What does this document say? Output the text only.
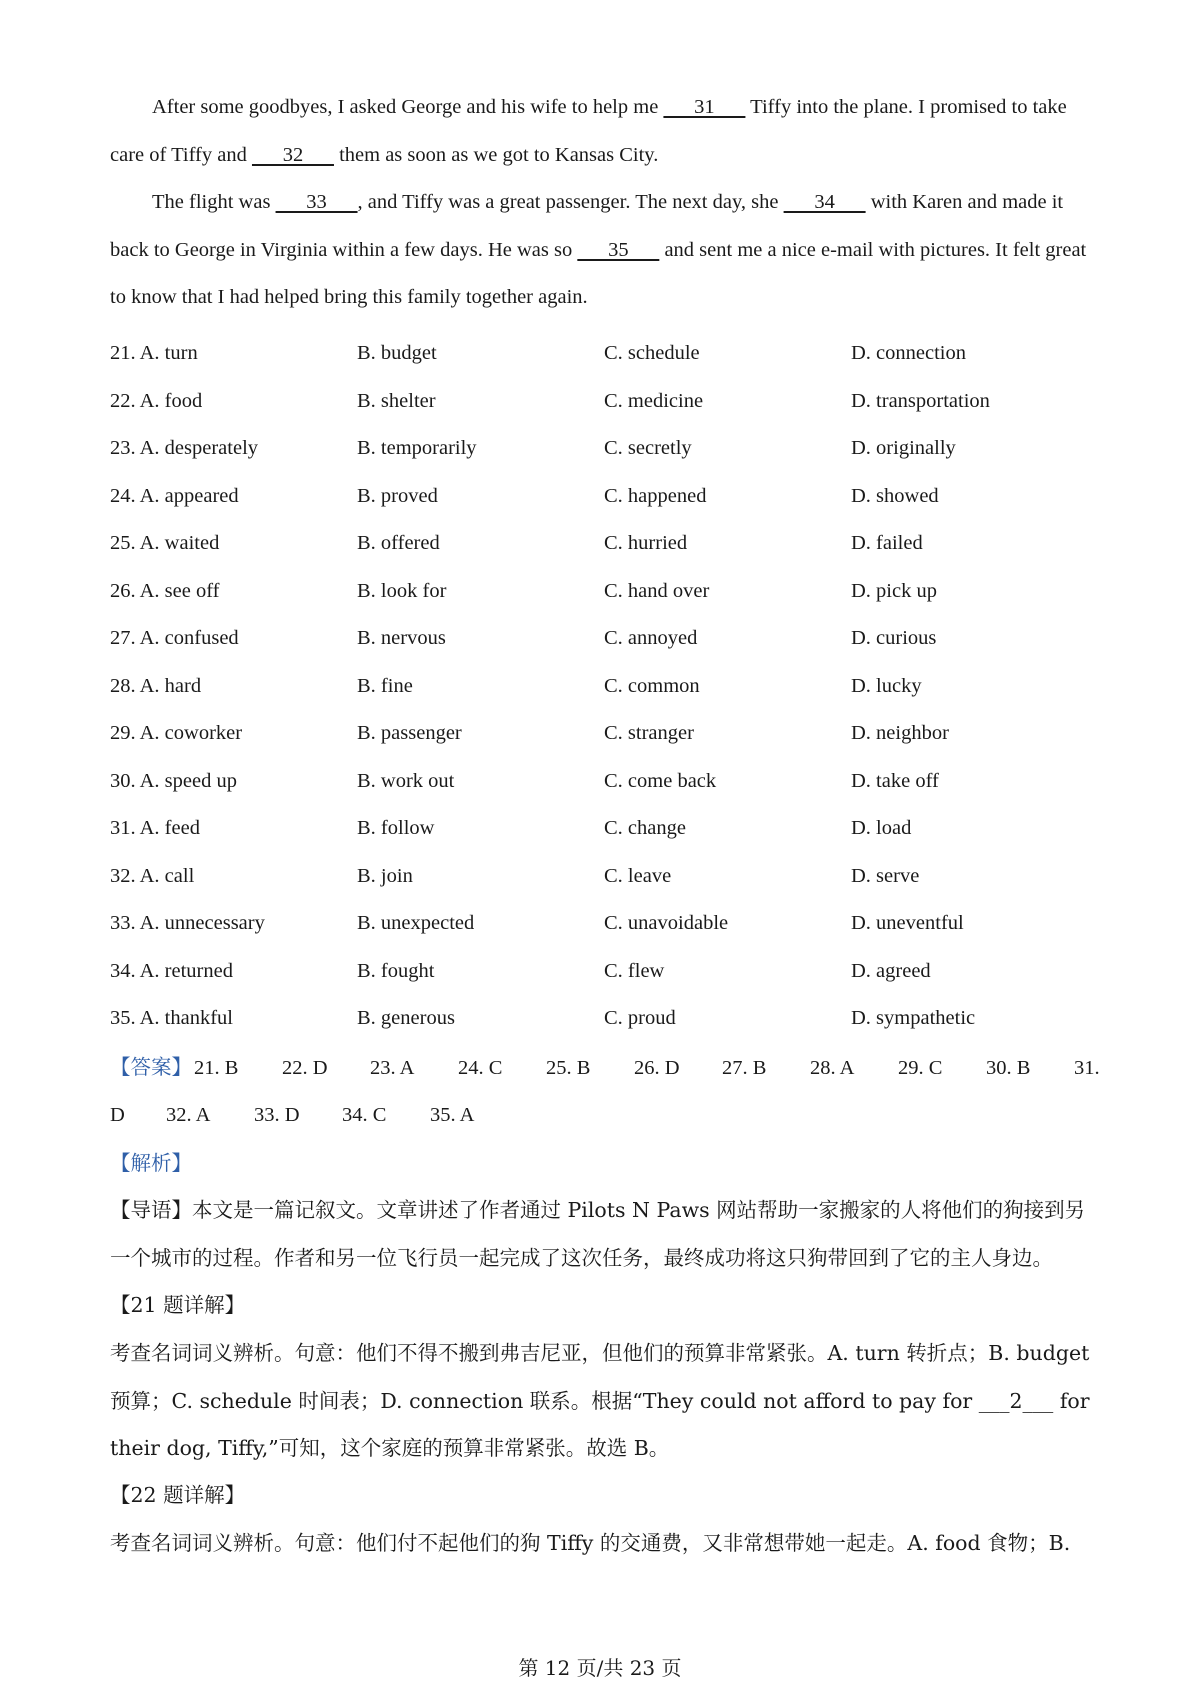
After some goodbyes, I asked George and his wife to help me       31       Tiffy into the plane. I promised to take care of Tiffy and       32       them as soon as we got to Kansas City.

The flight was       33      , and Tiffy was a great passenger. The next day, she       34       with Karen and made it back to George in Virginia within a few days. He was so       35       and sent me a nice e-mail with pictures. It felt great to know that I had helped bring this family together again.

21. A. turn	B. budget	C. schedule	D. connection
22. A. food	B. shelter	C. medicine	D. transportation
23. A. desperately	B. temporarily	C. secretly	D. originally
24. A. appeared	B. proved	C. happened	D. showed
25. A. waited	B. offered	C. hurried	D. failed
26. A. see off	B. look for	C. hand over	D. pick up
27. A. confused	B. nervous	C. annoyed	D. curious
28. A. hard	B. fine	C. common	D. lucky
29. A. coworker	B. passenger	C. stranger	D. neighbor
30. A. speed up	B. work out	C. come back	D. take off
31. A. feed	B. follow	C. change	D. load
32. A. call	B. join	C. leave	D. serve
33. A. unnecessary	B. unexpected	C. unavoidable	D. uneventful
34. A. returned	B. fought	C. flew	D. agreed
35. A. thankful	B. generous	C. proud	D. sympathetic
【答案】 21. B 22. D 23. A 24. C 25. B 26. D 27. B 28. A 29. C 30. B 31.
D 32. A 33. D 34. C 35. A

【解析】

【导语】本文是一篇记叙文。文章讲述了作者通过 Pilots N Paws 网站帮助一家搬家的人将他们的狗接到另一个城市的过程。作者和另一位飞行员一起完成了这次任务，最终成功将这只狗带回到了它的主人身边。

【21 题详解】

考查名词词义辨析。句意：他们不得不搬到弗吉尼亚，但他们的预算非常紧张。A. turn 转折点；B. budget 预算；C. schedule 时间表；D. connection 联系。根据“They could not afford to pay for ___2___ for their dog, Tiffy,”可知，这个家庭的预算非常紧张。故选 B。

【22 题详解】

考查名词词义辨析。句意：他们付不起他们的狗 Tiffy 的交通费，又非常想带她一起走。A. food 食物；B.

第 12 页/共 23 页
